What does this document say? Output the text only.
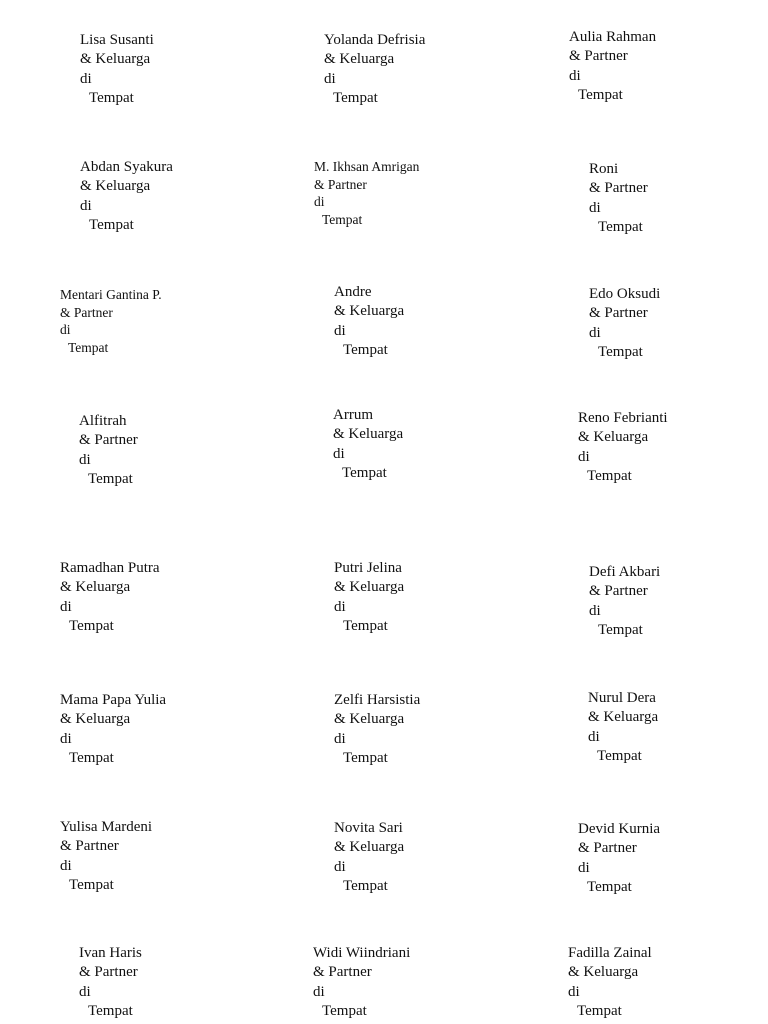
Lisa Susanti
& Keluarga
di
Tempat
Yolanda Defrisia
& Keluarga
di
Tempat
Aulia Rahman
& Partner
di
Tempat
Abdan Syakura
& Keluarga
di
Tempat
M. Ikhsan Amrigan
& Partner
di
Tempat
Roni
& Partner
di
Tempat
Mentari Gantina P.
& Partner
di
Tempat
Andre
& Keluarga
di
Tempat
Edo Oksudi
& Partner
di
Tempat
Alfitrah
& Partner
di
Tempat
Arrum
& Keluarga
di
Tempat
Reno Febrianti
& Keluarga
di
Tempat
Ramadhan Putra
& Keluarga
di
Tempat
Putri Jelina
& Keluarga
di
Tempat
Defi Akbari
& Partner
di
Tempat
Mama Papa Yulia
& Keluarga
di
Tempat
Zelfi Harsistia
& Keluarga
di
Tempat
Nurul Dera
& Keluarga
di
Tempat
Yulisa Mardeni
& Partner
di
Tempat
Novita Sari
& Keluarga
di
Tempat
Devid Kurnia
& Partner
di
Tempat
Ivan Haris
& Partner
di
Tempat
Widi Wiindriani
& Partner
di
Tempat
Fadilla Zainal
& Keluarga
di
Tempat
